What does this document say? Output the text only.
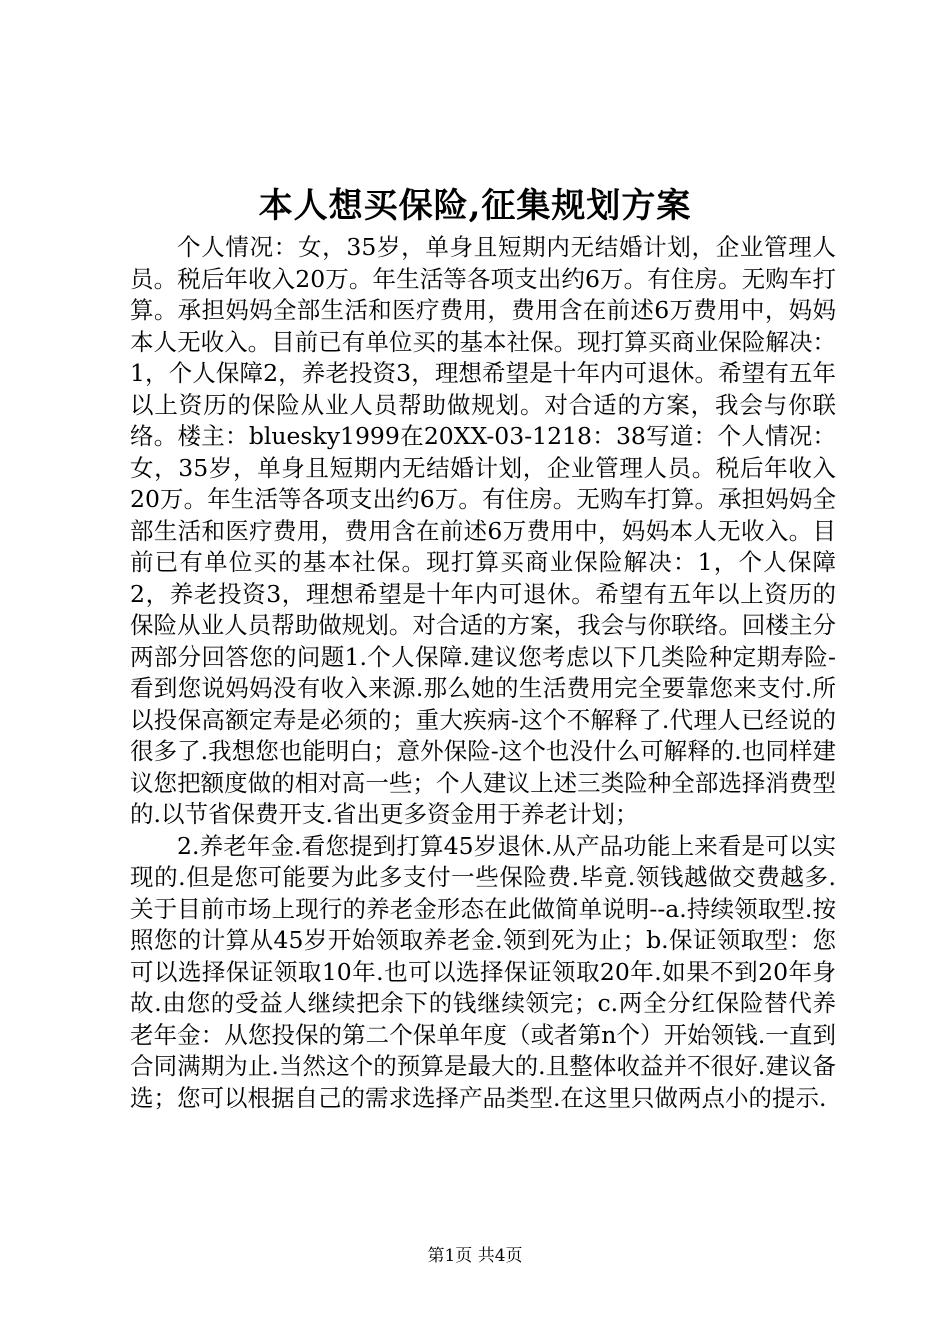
本人想买保险,征集规划方案

个人情况：女，35岁，单身且短期内无结婚计划，企业管理人员。税后年收入20万。年生活等各项支出约6万。有住房。无购车打算。承担妈妈全部生活和医疗费用，费用含在前述6万费用中，妈妈本人无收入。目前已有单位买的基本社保。现打算买商业保险解决：1，个人保障2，养老投资3，理想希望是十年内可退休。希望有五年以上资历的保险从业人员帮助做规划。对合适的方案，我会与你联络。楼主：bluesky1999在20XX-03-1218：38写道：个人情况：女，35岁，单身且短期内无结婚计划，企业管理人员。税后年收入20万。年生活等各项支出约6万。有住房。无购车打算。承担妈妈全部生活和医疗费用，费用含在前述6万费用中，妈妈本人无收入。目前已有单位买的基本社保。现打算买商业保险解决：1，个人保障2，养老投资3，理想希望是十年内可退休。希望有五年以上资历的保险从业人员帮助做规划。对合适的方案，我会与你联络。回楼主分两部分回答您的问题1.个人保障.建议您考虑以下几类险种定期寿险-看到您说妈妈没有收入来源.那么她的生活费用完全要靠您来支付.所以投保高额定寿是必须的；重大疾病-这个不解释了.代理人已经说的很多了.我想您也能明白；意外保险-这个也没什么可解释的.也同样建议您把额度做的相对高一些；个人建议上述三类险种全部选择消费型的.以节省保费开支.省出更多资金用于养老计划；

2.养老年金.看您提到打算45岁退休.从产品功能上来看是可以实现的.但是您可能要为此多支付一些保险费.毕竟.领钱越做交费越多.关于目前市场上现行的养老金形态在此做简单说明--a.持续领取型.按照您的计算从45岁开始领取养老金.领到死为止；b.保证领取型：您可以选择保证领取10年.也可以选择保证领取20年.如果不到20年身故.由您的受益人继续把余下的钱继续领完；c.两全分红保险替代养老年金：从您投保的第二个保单年度（或者第n个）开始领钱.一直到合同满期为止.当然这个的预算是最大的.且整体收益并不很好.建议备选；您可以根据自己的需求选择产品类型.在这里只做两点小的提示.

第1页 共4页
